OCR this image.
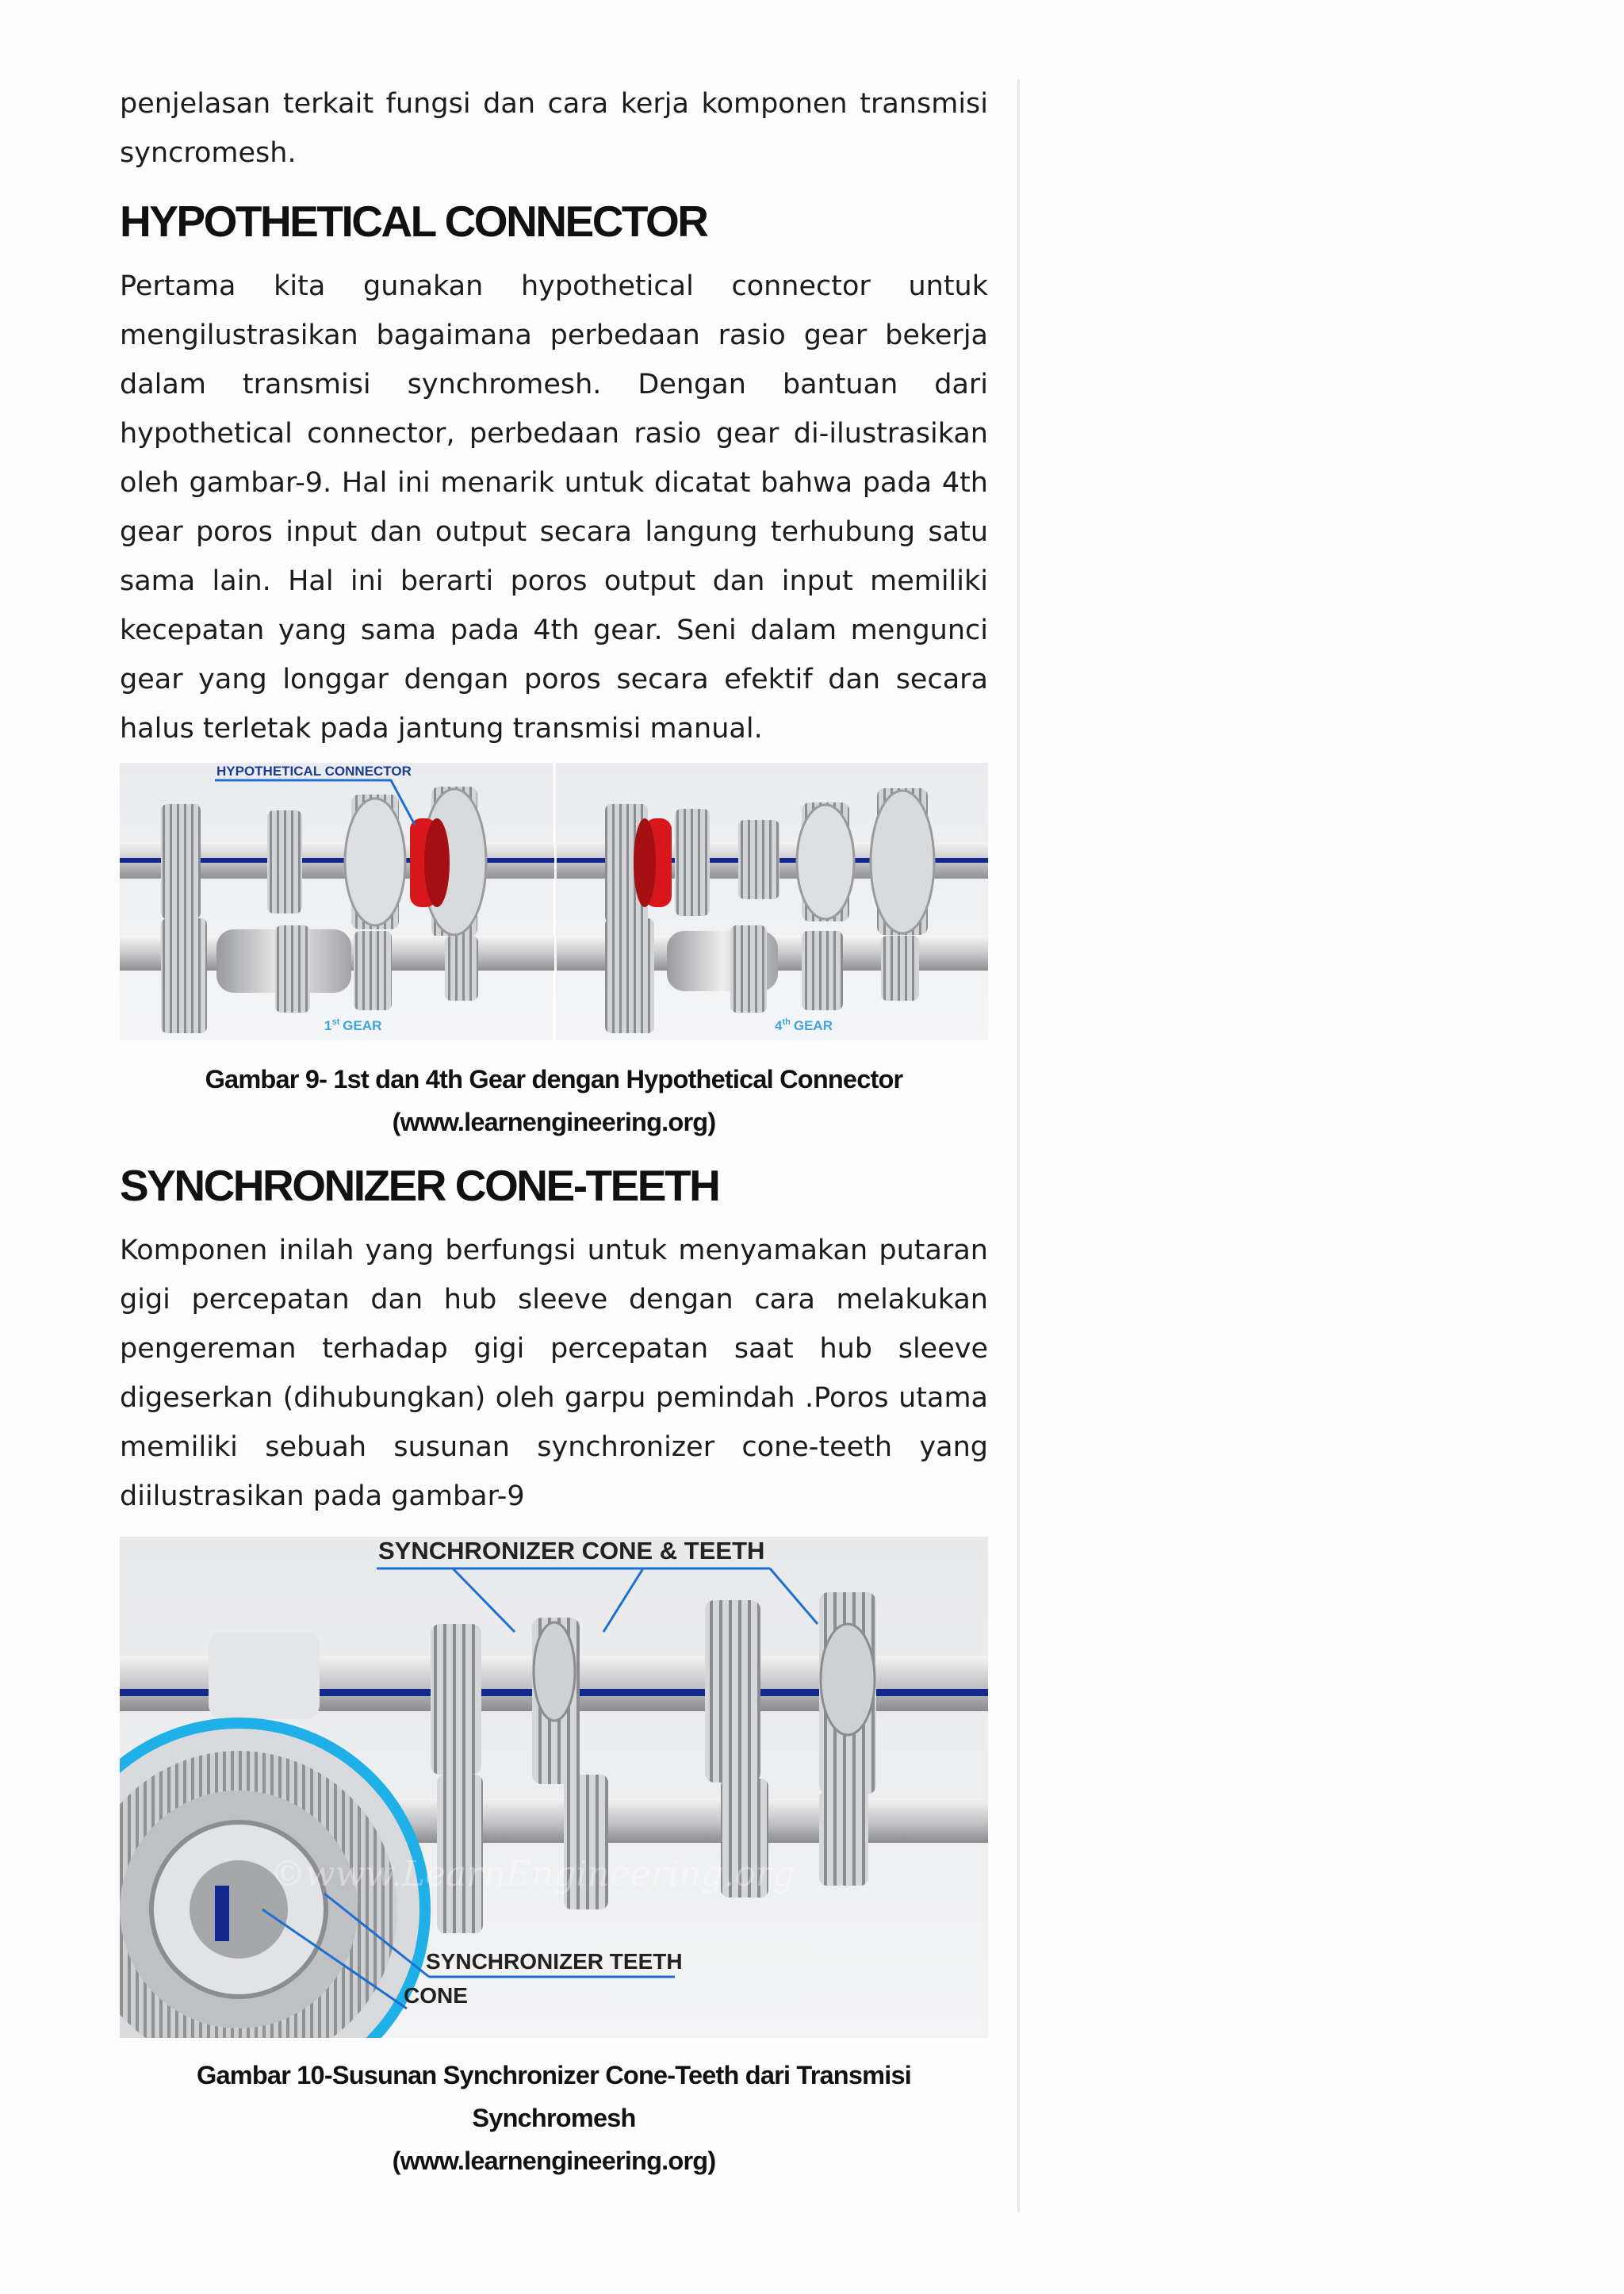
penjelasan terkait fungsi dan cara kerja komponen transmisi syncromesh.

HYPOTHETICAL CONNECTOR

Pertama kita gunakan hypothetical connector untuk mengilustrasikan bagaimana perbedaan rasio gear bekerja dalam transmisi synchromesh. Dengan bantuan dari hypothetical connector, perbedaan rasio gear di-ilustrasikan oleh gambar-9. Hal ini menarik untuk dicatat bahwa pada 4th gear poros input dan output secara langung terhubung satu sama lain. Hal ini berarti poros output dan input memiliki kecepatan yang sama pada 4th gear. Seni dalam mengunci gear yang longgar dengan poros secara efektif dan secara halus terletak pada jantung transmisi manual.

HYPOTHETICAL CONNECTOR
1st GEAR	4th GEAR

Gambar 9- 1st dan 4th Gear dengan Hypothetical Connector

(www.learnengineering.org)

SYNCHRONIZER CONE-TEETH

Komponen inilah yang berfungsi untuk menyamakan putaran gigi percepatan dan hub sleeve dengan cara melakukan pengereman terhadap gigi percepatan saat hub sleeve digeserkan (dihubungkan) oleh garpu pemindah .Poros utama memiliki sebuah susunan synchronizer cone-teeth yang diilustrasikan pada gambar-9

SYNCHRONIZER CONE & TEETH
SYNCHRONIZER TEETH
CONE
©www.LearnEngineering.org

Gambar 10-Susunan Synchronizer Cone-Teeth dari Transmisi Synchromesh

(www.learnengineering.org)
